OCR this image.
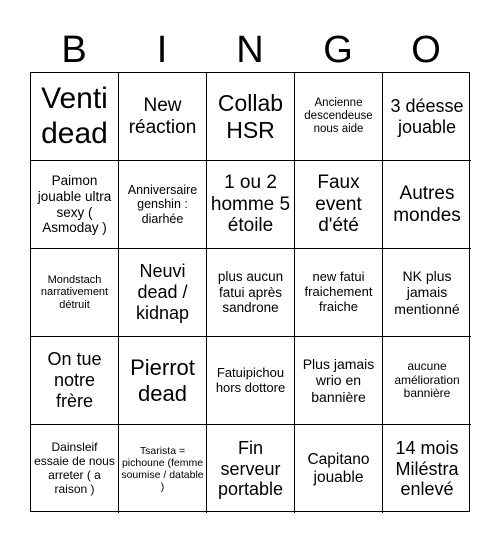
B	I	N	G	O
Venti dead
New réaction
Collab HSR
Ancienne descendeuse nous aide
3 déesse jouable
Paimon jouable ultra sexy ( Asmoday )
Anniversaire genshin : diarhée
1 ou 2 homme 5 étoile
Faux event d'été
Autres mondes
Mondstach narrativement détruit
Neuvi dead / kidnap
plus aucun fatui après sandrone
new fatui fraichement fraiche
NK plus jamais mentionné
On tue notre frère
Pierrot dead
Fatuipichou hors dottore
Plus jamais wrio en bannière
aucune amélioration bannière
Dainsleif essaie de nous arreter ( a raison )
Tsarista = pichoune (femme soumise / datable )
Fin serveur portable
Capitano jouable
14 mois Miléstra enlevé
